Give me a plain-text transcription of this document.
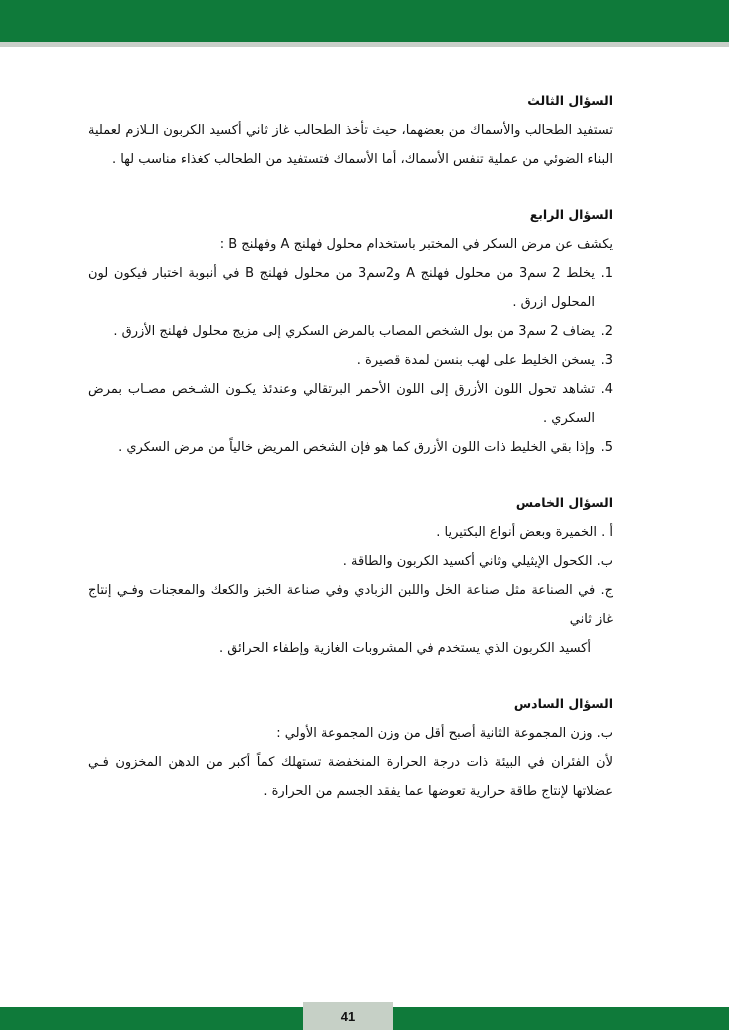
السؤال الثالث

تستفيد الطحالب والأسماك من بعضهما، حيث تأخذ الطحالب غاز ثاني أكسيد الكربون الـلازم لعملية البناء الضوئي من عملية تنفس الأسماك، أما الأسماك فتستفيد من الطحالب كغذاء مناسب لها .

السؤال الرابع

يكشف عن مرض السكر في المختبر باستخدام محلول فهلنج A وفهلنج B :

1.
يخلط 2 سم3 من محلول فهلنج A و2سم3 من محلول فهلنج B في أنبوبة اختبار فيكون لون المحلول ازرق .
2.
يضاف 2 سم3 من بول الشخص المصاب بالمرض السكري إلى مزيج محلول فهلنج الأزرق .
3.
يسخن الخليط على لهب بنسن لمدة قصيرة .
4.
تشاهد تحول اللون الأزرق إلى اللون الأحمر البرتقالي وعندئذ يكـون الشـخص مصـاب بمرض السكري .
5.
وإذا بقي الخليط ذات اللون الأزرق كما هو فإن الشخص المريض خالياً من مرض السكري .

السؤال الخامس

أ . الخميرة وبعض أنواع البكتيريا .

ب. الكحول الإيثيلي وثاني أكسيد الكربون والطاقة .

ج. في الصناعة مثل صناعة الخل واللبن الزبادي وفي صناعة الخبز والكعك والمعجنات وفـي إنتاج غاز ثاني

أكسيد الكربون الذي يستخدم في المشروبات الغازية وإطفاء الحرائق .

السؤال السادس

ب. وزن المجموعة الثانية أصبح أقل من وزن المجموعة الأولي :

لأن الفئران في البيئة ذات درجة الحرارة المنخفضة تستهلك كماً أكبر من الدهن المخزون فـي عضلاتها لإنتاج طاقة حرارية تعوضها عما يفقد الجسم من الحرارة .

41
